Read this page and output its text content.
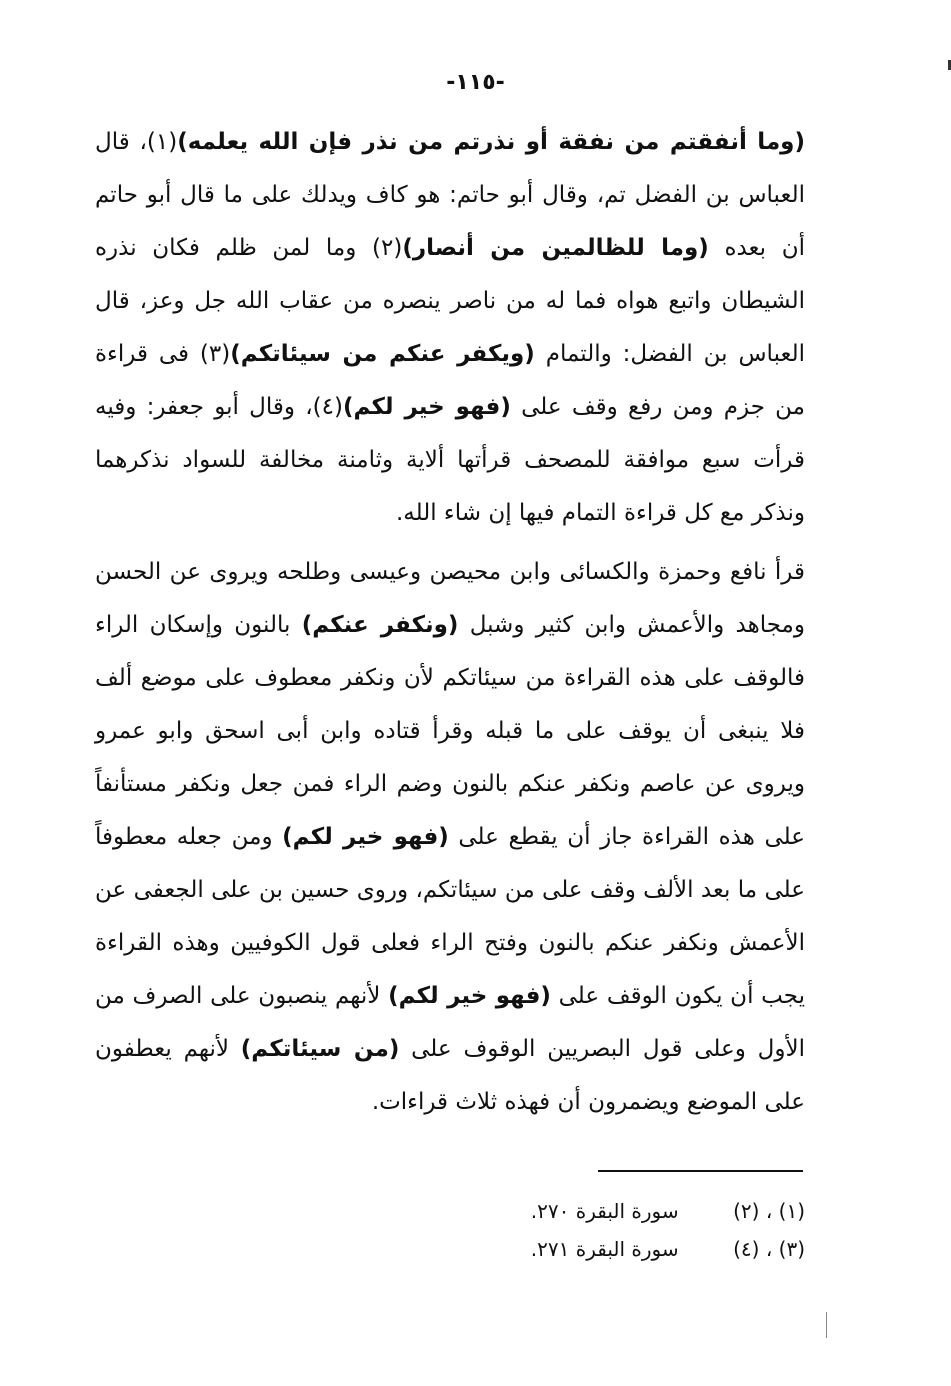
-١١٥-

(وما أنفقتم من نفقة أو نذرتم من نذر فإن الله يعلمه)(١)، قال العباس بن الفضل تم، وقال أبو حاتم: هو كاف ويدلك على ما قال أبو حاتم أن بعده (وما للظالمين من أنصار)(٢) وما لمن ظلم فكان نذره الشيطان واتبع هواه فما له من ناصر ينصره من عقاب الله جل وعز، قال العباس بن الفضل: والتمام (ويكفر عنكم من سيئاتكم)(٣) فى قراءة من جزم ومن رفع وقف على (فهو خير لكم)(٤)، وقال أبو جعفر: وفيه قرأت سبع موافقة للمصحف قرأتها ألاية وثامنة مخالفة للسواد نذكرهما ونذكر مع كل قراءة التمام فيها إن شاء الله.

قرأ نافع وحمزة والكسائى وابن محيصن وعيسى وطلحه ويروى عن الحسن ومجاهد والأعمش وابن كثير وشبل (ونكفر عنكم) بالنون وإسكان الراء فالوقف على هذه القراءة من سيئاتكم لأن ونكفر معطوف على موضع ألف فلا ينبغى أن يوقف على ما قبله وقرأ قتاده وابن أبى اسحق وابو عمرو ويروى عن عاصم ونكفر عنكم بالنون وضم الراء فمن جعل ونكفر مستأنفاً على هذه القراءة جاز أن يقطع على (فهو خير لكم) ومن جعله معطوفاً على ما بعد الألف وقف على من سيئاتكم، وروى حسين بن على الجعفى عن الأعمش ونكفر عنكم بالنون وفتح الراء فعلى قول الكوفيين وهذه القراءة يجب أن يكون الوقف على (فهو خير لكم) لأنهم ينصبون على الصرف من الأول وعلى قول البصريين الوقوف على (من سيئاتكم) لأنهم يعطفون على الموضع ويضمرون أن فهذه ثلاث قراءات.

(١) ، (٢) سورة البقرة ٢٧٠.
(٣) ، (٤) سورة البقرة ٢٧١.
